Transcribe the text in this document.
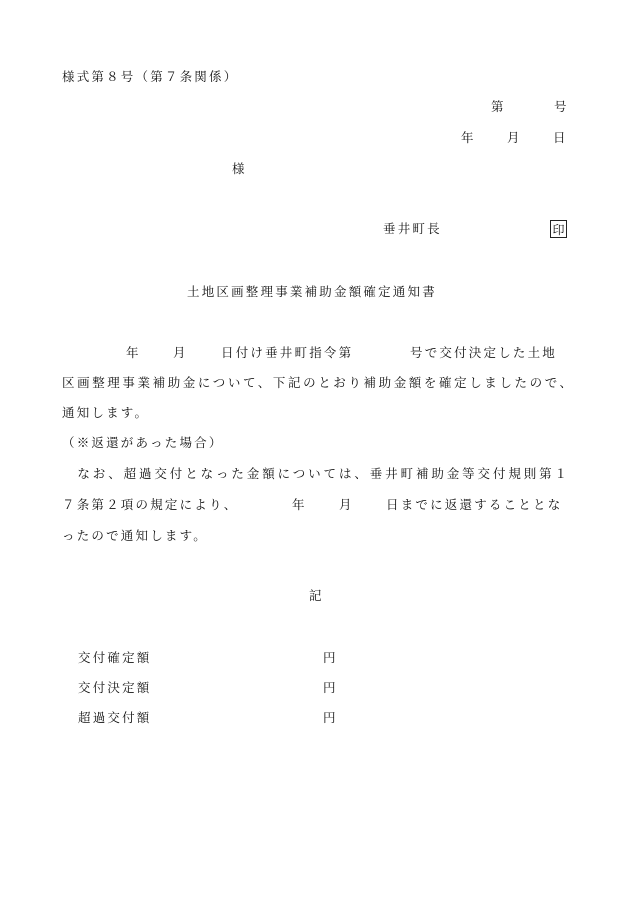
様式第８号（第７条関係）
第	号
年	月	日
様
垂井町長	印
土地区画整理事業補助金額確定通知書
年	月	日付け垂井町指令第	号で交付決定した土地
区画整理事業補助金について、下記のとおり補助金額を確定しましたので、
通知します。
（※返還があった場合）
　なお、超過交付となった金額については、垂井町補助金等交付規則第１
７条第２項の規定により、	年	月	日までに返還することとな
ったので通知します。
記
交付確定額	円
交付決定額	円
超過交付額	円
